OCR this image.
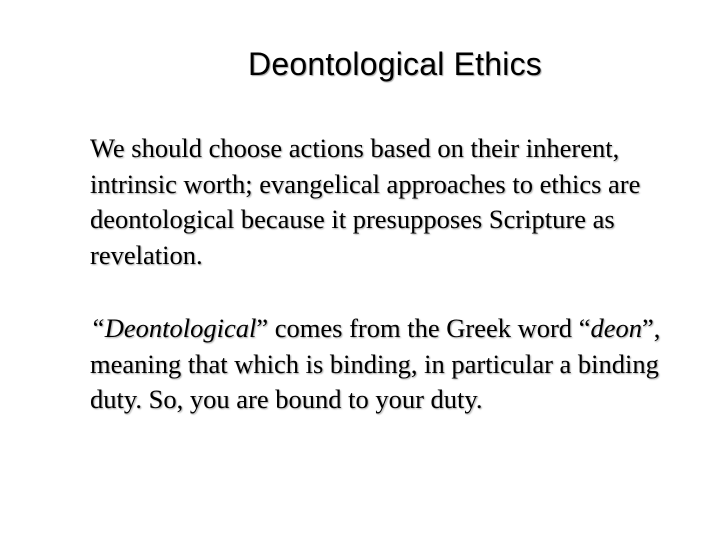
Deontological Ethics

We should choose actions based on their inherent, intrinsic worth; evangelical approaches to ethics are deontological because it presupposes Scripture as revelation.

“Deontological” comes from the Greek word “deon”, meaning that which is binding, in particular a binding duty. So, you are bound to your duty.
